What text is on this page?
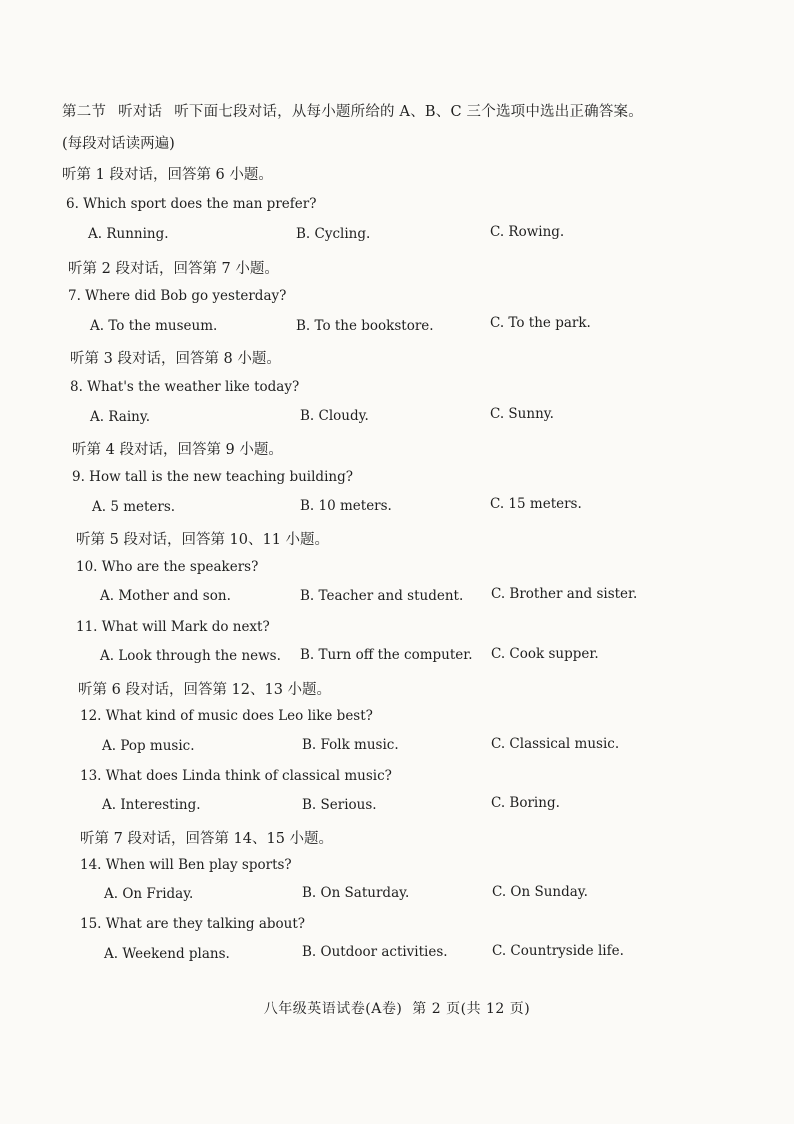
第二节 听对话 听下面七段对话，从每小题所给的 A、B、C 三个选项中选出正确答案。
(每段对话读两遍)
听第 1 段对话，回答第 6 小题。
6. Which sport does the man prefer?
A. Running.	B. Cycling.	C. Rowing.
听第 2 段对话，回答第 7 小题。
7. Where did Bob go yesterday?
A. To the museum.	B. To the bookstore.	C. To the park.
听第 3 段对话，回答第 8 小题。
8. What's the weather like today?
A. Rainy.	B. Cloudy.	C. Sunny.
听第 4 段对话，回答第 9 小题。
9. How tall is the new teaching building?
A. 5 meters.	B. 10 meters.	C. 15 meters.
听第 5 段对话，回答第 10、11 小题。
10. Who are the speakers?
A. Mother and son.	B. Teacher and student. C. Brother and sister.
11. What will Mark do next?
A. Look through the news. B. Turn off the computer. C. Cook supper.
听第 6 段对话，回答第 12、13 小题。
12. What kind of music does Leo like best?
A. Pop music.	B. Folk music.	C. Classical music.
13. What does Linda think of classical music?
A. Interesting.	B. Serious.	C. Boring.
听第 7 段对话，回答第 14、15 小题。
14. When will Ben play sports?
A. On Friday.	B. On Saturday.	C. On Sunday.
15. What are they talking about?
A. Weekend plans.	B. Outdoor activities.	C. Countryside life.
八年级英语试卷(A卷) 第 2 页(共 12 页)
